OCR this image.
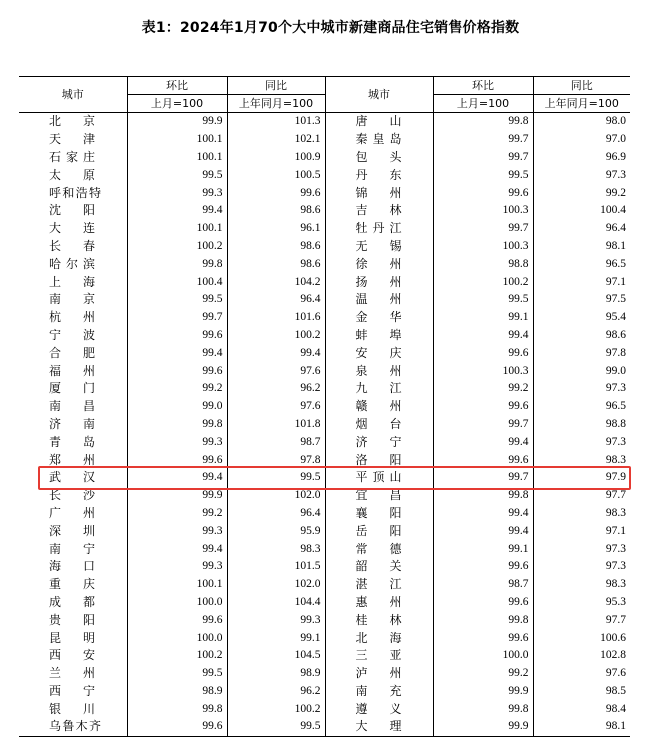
表1：2024年1月70个大中城市新建商品住宅销售价格指数
城市	环比	同比	城市	环比	同比
	上月=100	上年同月=100		上月=100	上年同月=100
北京	99.9	101.3	唐山	99.8	98.0
天津	100.1	102.1	秦皇岛	99.7	97.0
石家庄	100.1	100.9	包头	99.7	96.9
太原	99.5	100.5	丹东	99.5	97.3
呼和浩特	99.3	99.6	锦州	99.6	99.2
沈阳	99.4	98.6	吉林	100.3	100.4
大连	100.1	96.1	牡丹江	99.7	96.4
长春	100.2	98.6	无锡	100.3	98.1
哈尔滨	99.8	98.6	徐州	98.8	96.5
上海	100.4	104.2	扬州	100.2	97.1
南京	99.5	96.4	温州	99.5	97.5
杭州	99.7	101.6	金华	99.1	95.4
宁波	99.6	100.2	蚌埠	99.4	98.6
合肥	99.4	99.4	安庆	99.6	97.8
福州	99.6	97.6	泉州	100.3	99.0
厦门	99.2	96.2	九江	99.2	97.3
南昌	99.0	97.6	赣州	99.6	96.5
济南	99.8	101.8	烟台	99.7	98.8
青岛	99.3	98.7	济宁	99.4	97.3
郑州	99.6	97.8	洛阳	99.6	98.3
武汉	99.4	99.5	平顶山	99.7	97.9
长沙	99.9	102.0	宜昌	99.8	97.7
广州	99.2	96.4	襄阳	99.4	98.3
深圳	99.3	95.9	岳阳	99.4	97.1
南宁	99.4	98.3	常德	99.1	97.3
海口	99.3	101.5	韶关	99.6	97.3
重庆	100.1	102.0	湛江	98.7	98.3
成都	100.0	104.4	惠州	99.6	95.3
贵阳	99.6	99.3	桂林	99.8	97.7
昆明	100.0	99.1	北海	99.6	100.6
西安	100.2	104.5	三亚	100.0	102.8
兰州	99.5	98.9	泸州	99.2	97.6
西宁	98.9	96.2	南充	99.9	98.5
银川	99.8	100.2	遵义	99.8	98.4
乌鲁木齐	99.6	99.5	大理	99.9	98.1
